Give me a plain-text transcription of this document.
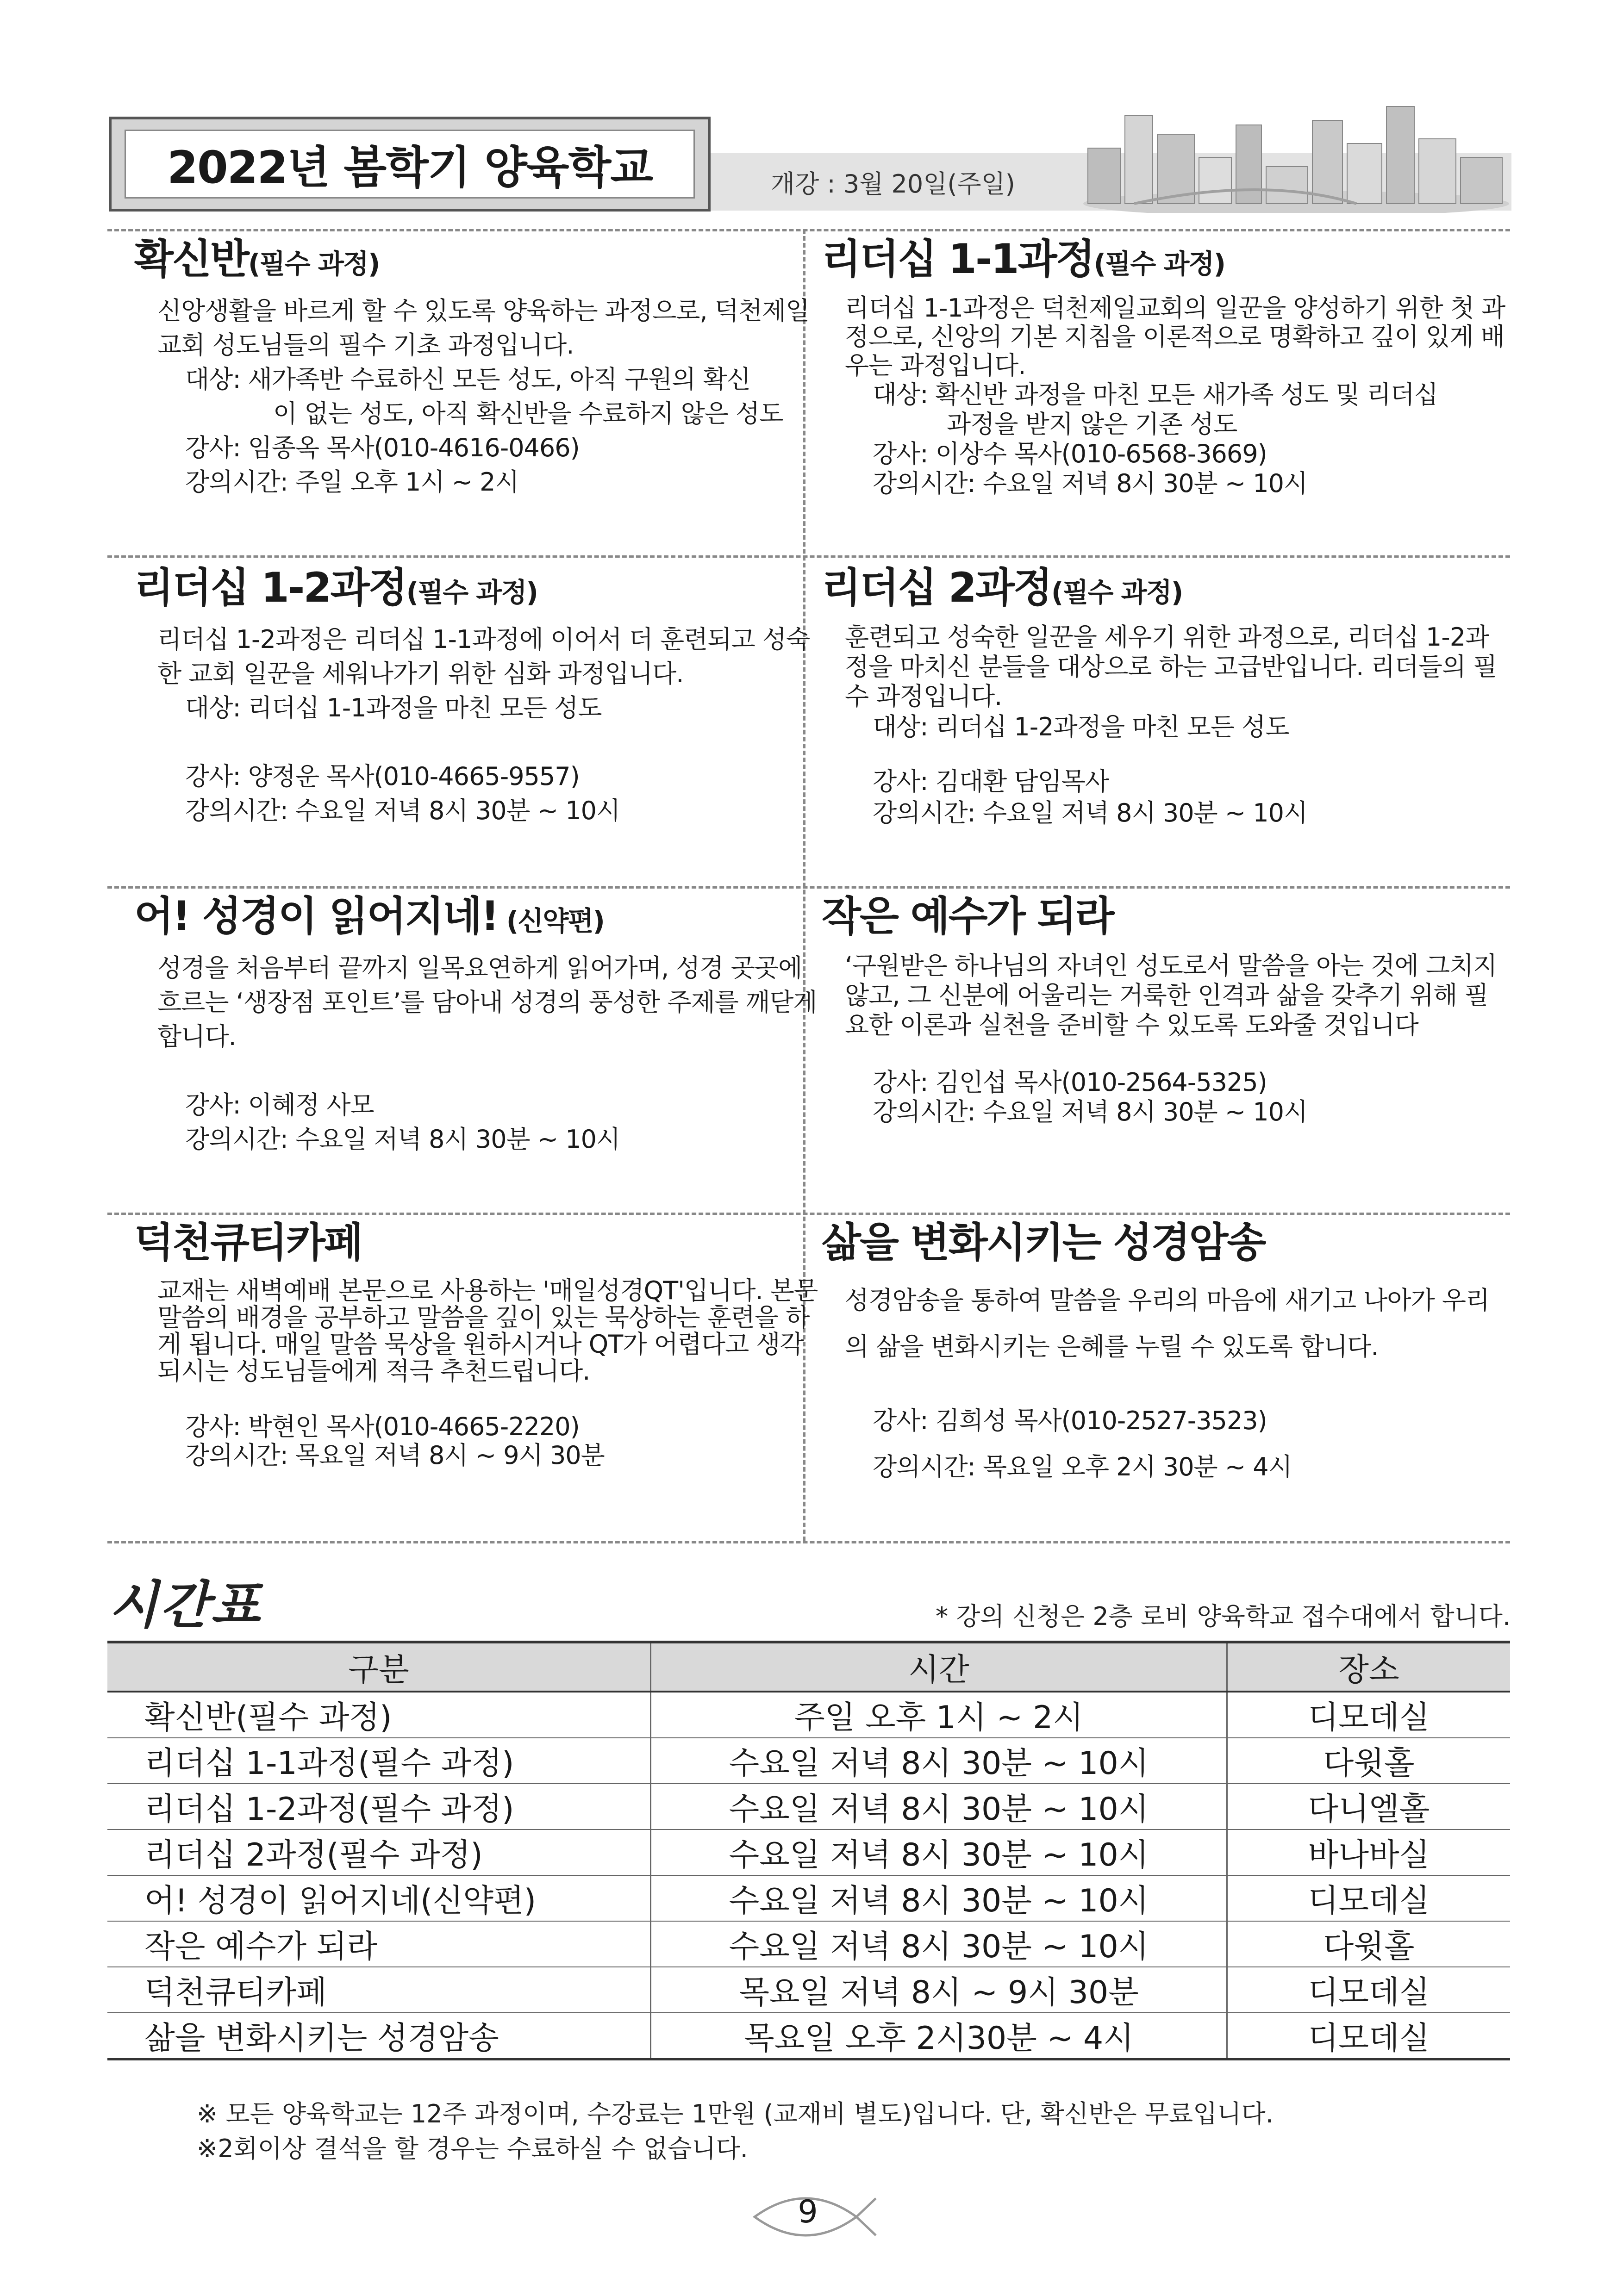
2022년 봄학기 양육학교	개강 : 3월 20일(주일)
확신반(필수 과정)
신앙생활을 바르게 할 수 있도록 양육하는 과정으로, 덕천제일교회 성도님들의 필수 기초 과정입니다.
대상: 새가족반 수료하신 모든 성도, 아직 구원의 확신
이 없는 성도, 아직 확신반을 수료하지 않은 성도
강사: 임종옥 목사(010-4616-0466)
강의시간: 주일 오후 1시 ~ 2시
리더십 1-1과정(필수 과정)
리더십 1-1과정은 덕천제일교회의 일꾼을 양성하기 위한 첫 과정으로, 신앙의 기본 지침을 이론적으로 명확하고 깊이 있게 배우는 과정입니다.
대상: 확신반 과정을 마친 모든 새가족 성도 및 리더십
과정을 받지 않은 기존 성도
강사: 이상수 목사(010-6568-3669)
강의시간: 수요일 저녁 8시 30분 ~ 10시
리더십 1-2과정(필수 과정)
리더십 1-2과정은 리더십 1-1과정에 이어서 더 훈련되고 성숙한 교회 일꾼을 세워나가기 위한 심화 과정입니다.
대상: 리더십 1-1과정을 마친 모든 성도
강사: 양정운 목사(010-4665-9557)
강의시간: 수요일 저녁 8시 30분 ~ 10시
리더십 2과정(필수 과정)
훈련되고 성숙한 일꾼을 세우기 위한 과정으로, 리더십 1-2과정을 마치신 분들을 대상으로 하는 고급반입니다. 리더들의 필수 과정입니다.
대상: 리더십 1-2과정을 마친 모든 성도
강사: 김대환 담임목사
강의시간: 수요일 저녁 8시 30분 ~ 10시
어! 성경이 읽어지네! (신약편)
성경을 처음부터 끝까지 일목요연하게 읽어가며, 성경 곳곳에 흐르는 ‘생장점 포인트’를 담아내 성경의 풍성한 주제를 깨닫게 합니다.
강사: 이혜정 사모
강의시간: 수요일 저녁 8시 30분 ~ 10시
작은 예수가 되라
‘구원받은 하나님의 자녀인 성도로서 말씀을 아는 것에 그치지 않고, 그 신분에 어울리는 거룩한 인격과 삶을 갖추기 위해 필요한 이론과 실천을 준비할 수 있도록 도와줄 것입니다
강사: 김인섭 목사(010-2564-5325)
강의시간: 수요일 저녁 8시 30분 ~ 10시
덕천큐티카페
교재는 새벽예배 본문으로 사용하는 '매일성경QT'입니다. 본문 말씀의 배경을 공부하고 말씀을 깊이 있는 묵상하는 훈련을 하게 됩니다. 매일 말씀 묵상을 원하시거나 QT가 어렵다고 생각되시는 성도님들에게 적극 추천드립니다.
강사: 박현인 목사(010-4665-2220)
강의시간: 목요일 저녁 8시 ~ 9시 30분
삶을 변화시키는 성경암송
성경암송을 통하여 말씀을 우리의 마음에 새기고 나아가 우리의 삶을 변화시키는 은혜를 누릴 수 있도록 합니다.
강사: 김희성 목사(010-2527-3523)
강의시간: 목요일 오후 2시 30분 ~ 4시
시간표	* 강의 신청은 2층 로비 양육학교 접수대에서 합니다.
구분	시간	장소
확신반(필수 과정)	주일 오후 1시 ~ 2시	디모데실
리더십 1-1과정(필수 과정)	수요일 저녁 8시 30분 ~ 10시	다윗홀
리더십 1-2과정(필수 과정)	수요일 저녁 8시 30분 ~ 10시	다니엘홀
리더십 2과정(필수 과정)	수요일 저녁 8시 30분 ~ 10시	바나바실
어! 성경이 읽어지네(신약편)	수요일 저녁 8시 30분 ~ 10시	디모데실
작은 예수가 되라	수요일 저녁 8시 30분 ~ 10시	다윗홀
덕천큐티카페	목요일 저녁 8시 ~ 9시 30분	디모데실
삶을 변화시키는 성경암송	목요일 오후 2시30분 ~ 4시	디모데실
※ 모든 양육학교는 12주 과정이며, 수강료는 1만원 (교재비 별도)입니다. 단, 확신반은 무료입니다.
※2회이상 결석을 할 경우는 수료하실 수 없습니다.
9
